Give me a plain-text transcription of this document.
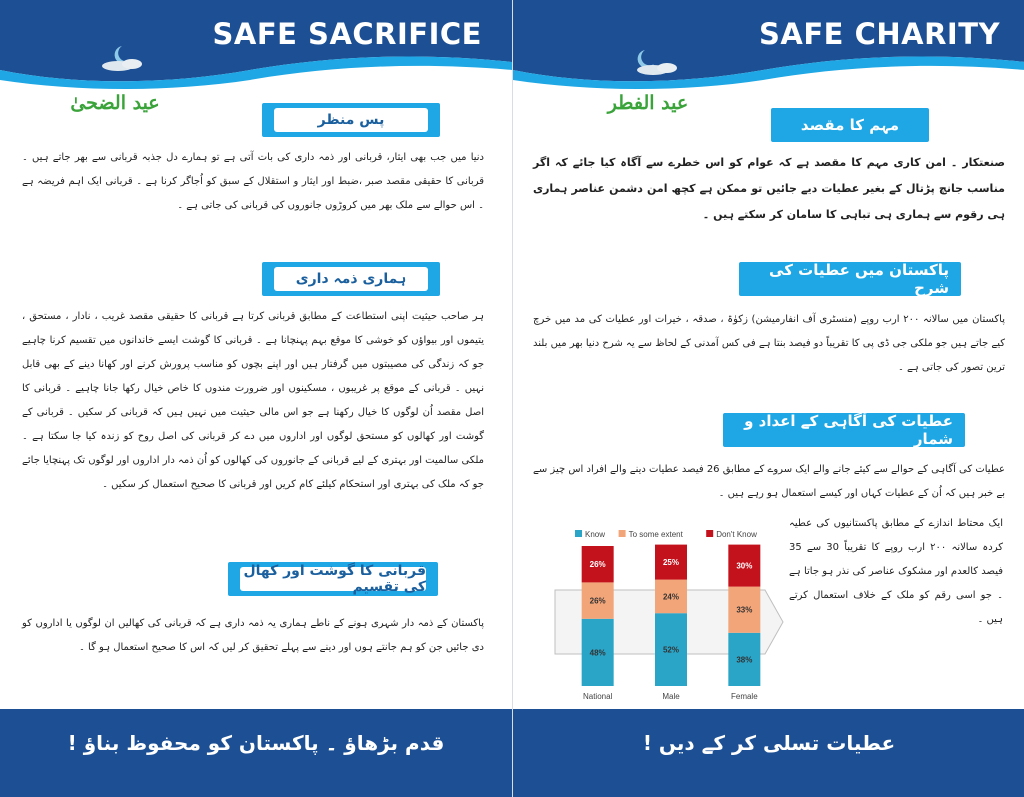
SAFE SACRIFICE
عید الضحیٰ
پس منظر
دنیا میں جب بھی ایثار، قربانی اور ذمہ داری کی بات آتی ہے تو ہمارے دل جذبہ قربانی سے بھر جاتے ہیں ۔ قربانی کا حقیقی مقصد صبر ،ضبط اور ایثار و استقلال کے سبق کو اُجاگر کرنا ہے ۔ قربانی ایک اہم فریضہ ہے ۔ اس حوالے سے ملک بھر میں کروڑوں جانوروں کی قربانی کی جاتی ہے ۔
ہماری ذمہ داری
ہر صاحب حیثیت اپنی استطاعت کے مطابق قربانی کرتا ہے قربانی کا حقیقی مقصد غریب ، نادار ، مستحق ، یتیموں اور بیواؤں کو خوشی کا موقع بہم پہنچانا ہے ۔ قربانی کا گوشت ایسے خاندانوں میں تقسیم کرنا چاہیے جو کہ زندگی کی مصیبتوں میں گرفتار ہیں اور اپنے بچوں کو مناسب پرورش کرنے اور کھانا دینے کے بھی قابل نہیں ۔ قربانی کے موقع پر غریبوں ، مسکینوں اور ضرورت مندوں کا خاص خیال رکھا جانا چاہیے ۔ قربانی کا اصل مقصد اُن لوگوں کا خیال رکھنا ہے جو اس مالی حیثیت میں نہیں ہیں کہ قربانی کر سکیں ۔ قربانی کے گوشت اور کھالوں کو مستحق لوگوں اور اداروں میں دے کر قربانی کی اصل روح کو زندہ کیا جا سکتا ہے ۔ ملکی سالمیت اور بہتری کے لیے قربانی کے جانوروں کی کھالوں کو اُن ذمہ دار اداروں اور لوگوں تک پہنچایا جائے جو کہ ملک کی بہتری اور استحکام کیلئے کام کریں اور قربانی کا صحیح استعمال کر سکیں ۔
قربانی کا گوشت اور کھال کی تقسیم
پاکستان کے ذمہ دار شہری ہونے کے ناطے ہماری یہ ذمہ داری ہے کہ قربانی کی کھالیں ان لوگوں یا اداروں کو دی جائیں جن کو ہم جانتے ہوں اور دینے سے پہلے تحقیق کر لیں کہ اس کا صحیح استعمال ہو گا ۔
قدم بڑھاؤ ۔ پاکستان کو محفوظ بناؤ !
SAFE CHARITY
عید الفطر
مہم کا مقصد
صنعتکار ۔ امن کاری مہم کا مقصد ہے کہ عوام کو اس خطرے سے آگاہ کیا جائے کہ اگر مناسب جانچ پڑتال کے بغیر عطیات دیے جائیں تو ممکن ہے کچھ امن دشمن عناصر ہماری ہی رقوم سے ہماری ہی تباہی کا سامان کر سکتے ہیں ۔
پاکستان میں عطیات کی شرح
پاکستان میں سالانہ ۲۰۰ ارب روپے (منسٹری آف انفارمیشن) زکوٰۃ ، صدقہ ، خیرات اور عطیات کی مد میں خرچ کیے جاتے ہیں جو ملکی جی ڈی پی کا تقریباً دو فیصد بنتا ہے فی کس آمدنی کے لحاظ سے یہ شرح دنیا بھر میں بلند ترین تصور کی جاتی ہے ۔
عطیات کی آگاہی کے اعداد و شمار
عطیات کی آگاہی کے حوالے سے کیئے جانے والے ایک سروے کے مطابق 26 فیصد عطیات دینے والے افراد اس چیز سے بے خبر ہیں کہ اُن کے عطیات کہاں اور کیسے استعمال ہو رہے ہیں ۔
ایک محتاط اندازے کے مطابق پاکستانیوں کی عطیہ کردہ سالانہ ۲۰۰ ارب روپے کا تقریباً 30 سے 35 فیصد کالعدم اور مشکوک عناصر کی نذر ہو جاتا ہے ۔ جو اسی رقم کو ملک کے خلاف استعمال کرتے ہیں ۔
Know	To some extent	Don't Know
48%
26%
26%
National
52%
24%
25%
Male
38%
33%
30%
Female
عطیات تسلی کر کے دیں !
